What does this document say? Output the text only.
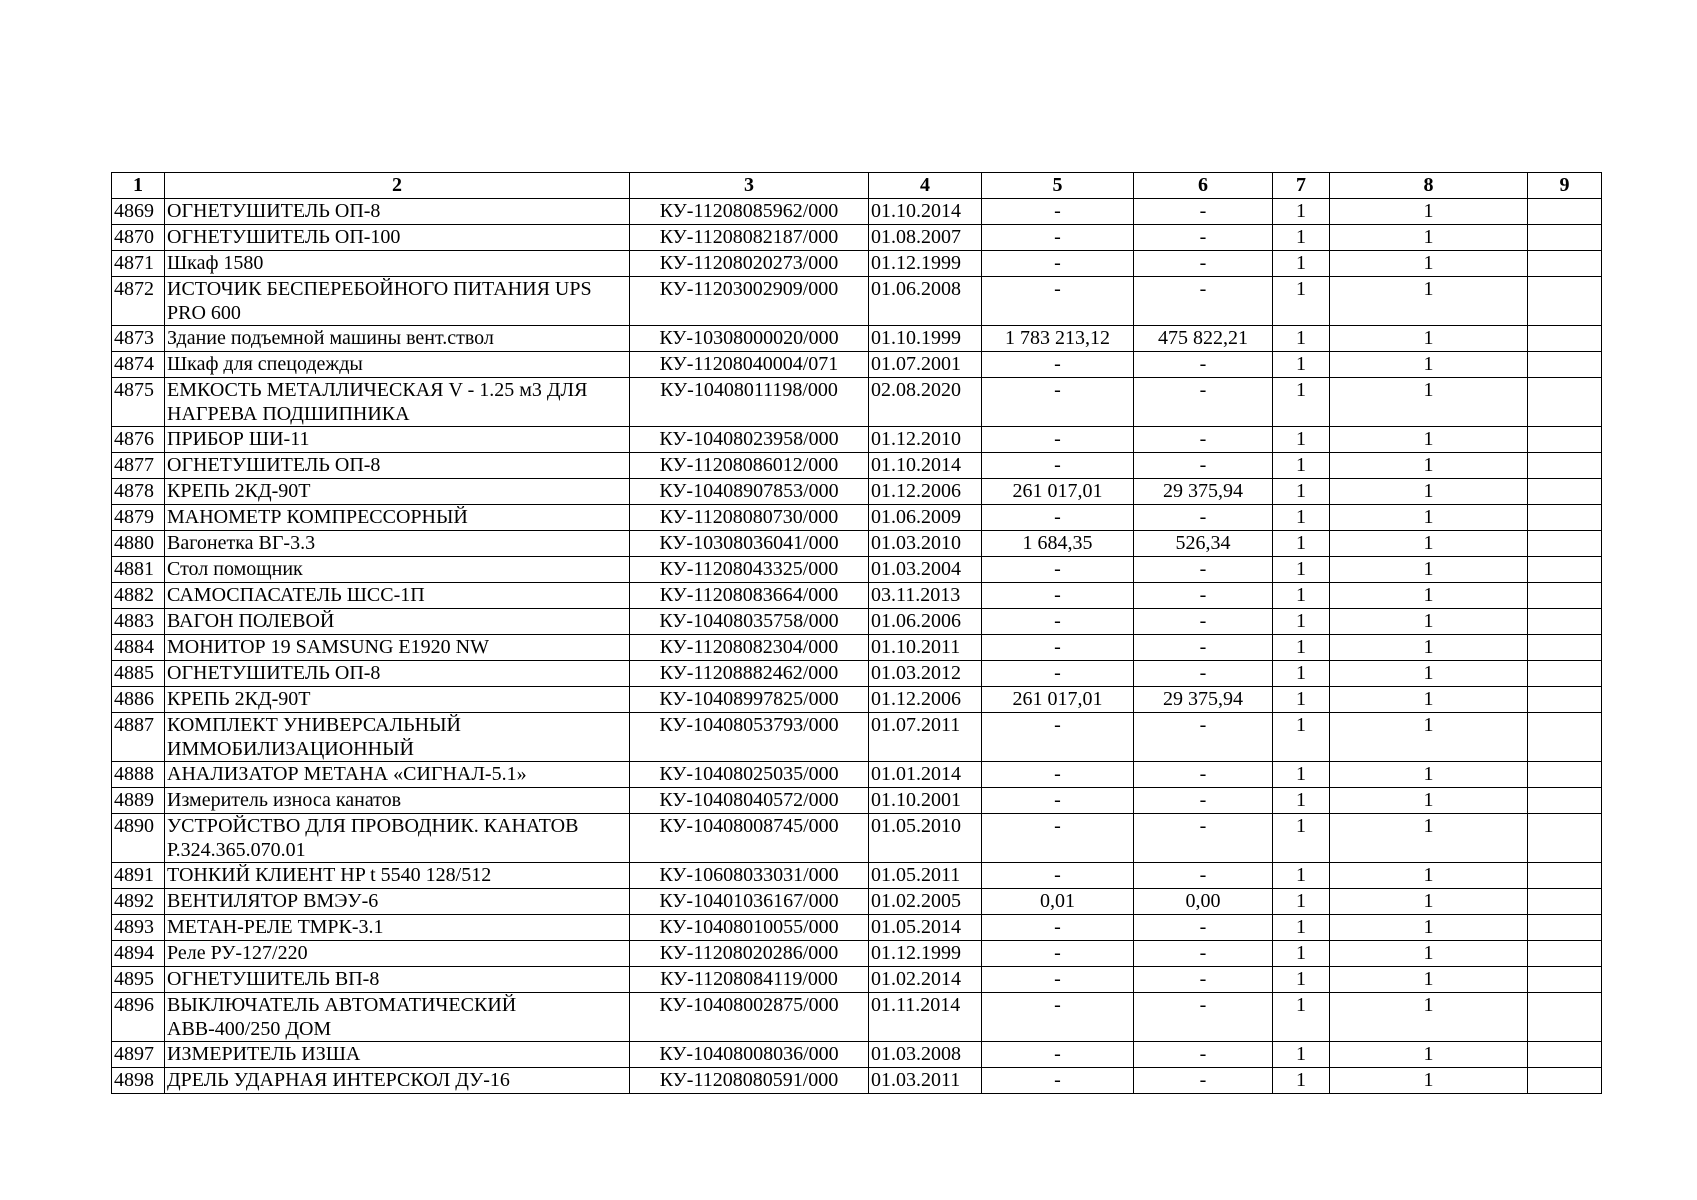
1	2	3	4	5	6	7	8	9
4869	ОГНЕТУШИТЕЛЬ ОП-8	КУ-11208085962/000	01.10.2014	-	-	1	1	
4870	ОГНЕТУШИТЕЛЬ ОП-100	КУ-11208082187/000	01.08.2007	-	-	1	1	
4871	Шкаф 1580	КУ-11208020273/000	01.12.1999	-	-	1	1	
4872	ИСТОЧИК БЕСПЕРЕБОЙНОГО ПИТАНИЯ UPS PRO 600	КУ-11203002909/000	01.06.2008	-	-	1	1	
4873	Здание подъемной машины вент.ствол	КУ-10308000020/000	01.10.1999	1 783 213,12	475 822,21	1	1	
4874	Шкаф для спецодежды	КУ-11208040004/071	01.07.2001	-	-	1	1	
4875	ЕМКОСТЬ МЕТАЛЛИЧЕСКАЯ V - 1.25 м3 ДЛЯ НАГРЕВА ПОДШИПНИКА	КУ-10408011198/000	02.08.2020	-	-	1	1	
4876	ПРИБОР ШИ-11	КУ-10408023958/000	01.12.2010	-	-	1	1	
4877	ОГНЕТУШИТЕЛЬ ОП-8	КУ-11208086012/000	01.10.2014	-	-	1	1	
4878	КРЕПЬ 2КД-90Т	КУ-10408907853/000	01.12.2006	261 017,01	29 375,94	1	1	
4879	МАНОМЕТР КОМПРЕССОРНЫЙ	КУ-11208080730/000	01.06.2009	-	-	1	1	
4880	Вагонетка ВГ-3.3	КУ-10308036041/000	01.03.2010	1 684,35	526,34	1	1	
4881	Стол помощник	КУ-11208043325/000	01.03.2004	-	-	1	1	
4882	САМОСПАСАТЕЛЬ ШСС-1П	КУ-11208083664/000	03.11.2013	-	-	1	1	
4883	ВАГОН ПОЛЕВОЙ	КУ-10408035758/000	01.06.2006	-	-	1	1	
4884	МОНИТОР 19 SAMSUNG E1920 NW	КУ-11208082304/000	01.10.2011	-	-	1	1	
4885	ОГНЕТУШИТЕЛЬ ОП-8	КУ-11208882462/000	01.03.2012	-	-	1	1	
4886	КРЕПЬ 2КД-90Т	КУ-10408997825/000	01.12.2006	261 017,01	29 375,94	1	1	
4887	КОМПЛЕКТ УНИВЕРСАЛЬНЫЙ ИММОБИЛИЗАЦИОННЫЙ	КУ-10408053793/000	01.07.2011	-	-	1	1	
4888	АНАЛИЗАТОР МЕТАНА «СИГНАЛ-5.1»	КУ-10408025035/000	01.01.2014	-	-	1	1	
4889	Измеритель износа канатов	КУ-10408040572/000	01.10.2001	-	-	1	1	
4890	УСТРОЙСТВО ДЛЯ ПРОВОДНИК. КАНАТОВ Р.324.365.070.01	КУ-10408008745/000	01.05.2010	-	-	1	1	
4891	ТОНКИЙ КЛИЕНТ HP t 5540 128/512	КУ-10608033031/000	01.05.2011	-	-	1	1	
4892	ВЕНТИЛЯТОР ВМЭУ-6	КУ-10401036167/000	01.02.2005	0,01	0,00	1	1	
4893	МЕТАН-РЕЛЕ ТМРК-3.1	КУ-10408010055/000	01.05.2014	-	-	1	1	
4894	Реле РУ-127/220	КУ-11208020286/000	01.12.1999	-	-	1	1	
4895	ОГНЕТУШИТЕЛЬ ВП-8	КУ-11208084119/000	01.02.2014	-	-	1	1	
4896	ВЫКЛЮЧАТЕЛЬ АВТОМАТИЧЕСКИЙ АВВ-400/250 ДОМ	КУ-10408002875/000	01.11.2014	-	-	1	1	
4897	ИЗМЕРИТЕЛЬ ИЗША	КУ-10408008036/000	01.03.2008	-	-	1	1	
4898	ДРЕЛЬ УДАРНАЯ ИНТЕРСКОЛ ДУ-16	КУ-11208080591/000	01.03.2011	-	-	1	1	
